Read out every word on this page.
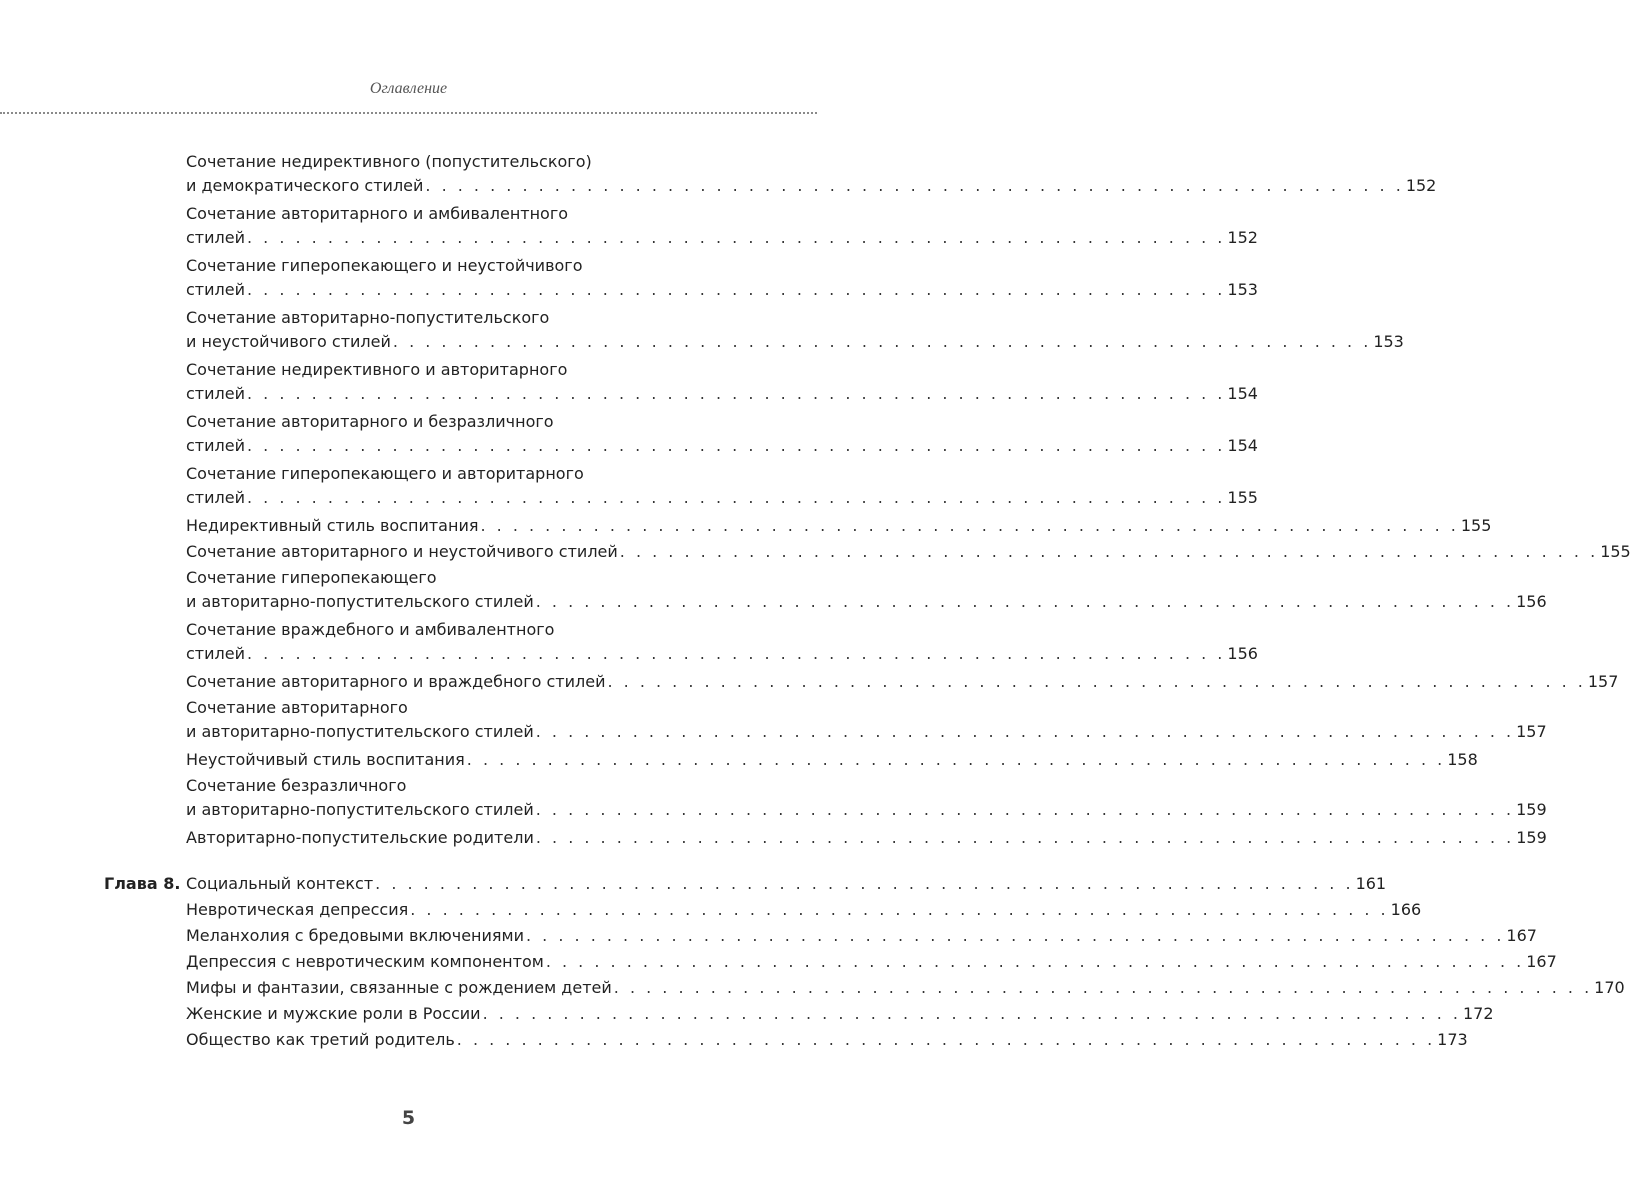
Оглавление
Сочетание недирективного (попустительского)
и демократического стилей . . . . . . . . . . . . . . . . . . . . . . . . . . . . . . . . . . . . . . . . . . . . . . . . . . . . . . . . . . . . . 152
Сочетание авторитарного и амбивалентного
стилей . . . . . . . . . . . . . . . . . . . . . . . . . . . . . . . . . . . . . . . . . . . . . . . . . . . . . . . . . . . . . 152
Сочетание гиперопекающего и неустойчивого
стилей . . . . . . . . . . . . . . . . . . . . . . . . . . . . . . . . . . . . . . . . . . . . . . . . . . . . . . . . . . . . . 153
Сочетание авторитарно-попустительского
и неустойчивого стилей . . . . . . . . . . . . . . . . . . . . . . . . . . . . . . . . . . . . . . . . . . . . . . . . . . . . . . . . . . . . . 153
Сочетание недирективного и авторитарного
стилей . . . . . . . . . . . . . . . . . . . . . . . . . . . . . . . . . . . . . . . . . . . . . . . . . . . . . . . . . . . . . 154
Сочетание авторитарного и безразличного
стилей . . . . . . . . . . . . . . . . . . . . . . . . . . . . . . . . . . . . . . . . . . . . . . . . . . . . . . . . . . . . . 154
Сочетание гиперопекающего и авторитарного
стилей . . . . . . . . . . . . . . . . . . . . . . . . . . . . . . . . . . . . . . . . . . . . . . . . . . . . . . . . . . . . . 155
Недирективный стиль воспитания . . . . . . . . . . . . . . . . . . . . . . . . . . . . . . . . . . . . . . . . . . . . . . . . . . . . . . . . . . . . . 155
Сочетание авторитарного и неустойчивого стилей . . . . . . . . . . . . . . . . . . . . . . . . . . . . . . . . . . . . . . . . . . . . . . . . . . . . . . . . . . . . . 155
Сочетание гиперопекающего
и авторитарно-попустительского стилей . . . . . . . . . . . . . . . . . . . . . . . . . . . . . . . . . . . . . . . . . . . . . . . . . . . . . . . . . . . . . 156
Сочетание враждебного и амбивалентного
стилей . . . . . . . . . . . . . . . . . . . . . . . . . . . . . . . . . . . . . . . . . . . . . . . . . . . . . . . . . . . . . 156
Сочетание авторитарного и враждебного стилей . . . . . . . . . . . . . . . . . . . . . . . . . . . . . . . . . . . . . . . . . . . . . . . . . . . . . . . . . . . . . 157
Сочетание авторитарного
и авторитарно-попустительского стилей . . . . . . . . . . . . . . . . . . . . . . . . . . . . . . . . . . . . . . . . . . . . . . . . . . . . . . . . . . . . . 157
Неустойчивый стиль воспитания . . . . . . . . . . . . . . . . . . . . . . . . . . . . . . . . . . . . . . . . . . . . . . . . . . . . . . . . . . . . . 158
Сочетание безразличного
и авторитарно-попустительского стилей . . . . . . . . . . . . . . . . . . . . . . . . . . . . . . . . . . . . . . . . . . . . . . . . . . . . . . . . . . . . . 159
Авторитарно-попустительские родители . . . . . . . . . . . . . . . . . . . . . . . . . . . . . . . . . . . . . . . . . . . . . . . . . . . . . . . . . . . . . 159
Глава 8. Социальный контекст . . . . . . . . . . . . . . . . . . . . . . . . . . . . . . . . . . . . . . . . . . . . . . . . . . . . . . . . . . . . . 161
Невротическая депрессия . . . . . . . . . . . . . . . . . . . . . . . . . . . . . . . . . . . . . . . . . . . . . . . . . . . . . . . . . . . . . 166
Меланхолия с бредовыми включениями . . . . . . . . . . . . . . . . . . . . . . . . . . . . . . . . . . . . . . . . . . . . . . . . . . . . . . . . . . . . . 167
Депрессия с невротическим компонентом . . . . . . . . . . . . . . . . . . . . . . . . . . . . . . . . . . . . . . . . . . . . . . . . . . . . . . . . . . . . . 167
Мифы и фантазии, связанные с рождением детей . . . . . . . . . . . . . . . . . . . . . . . . . . . . . . . . . . . . . . . . . . . . . . . . . . . . . . . . . . . . . 170
Женские и мужские роли в России . . . . . . . . . . . . . . . . . . . . . . . . . . . . . . . . . . . . . . . . . . . . . . . . . . . . . . . . . . . . . 172
Общество как третий родитель . . . . . . . . . . . . . . . . . . . . . . . . . . . . . . . . . . . . . . . . . . . . . . . . . . . . . . . . . . . . . 173
5
